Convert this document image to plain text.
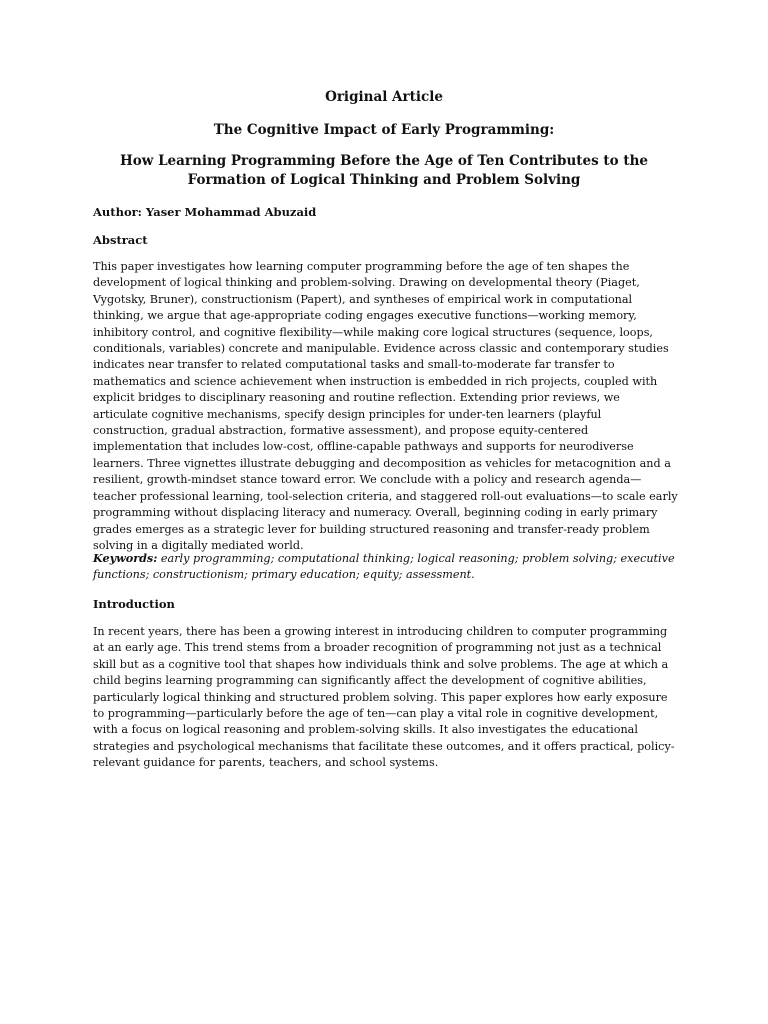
Original Article
The Cognitive Impact of Early Programming:
How Learning Programming Before the Age of Ten Contributes to the Formation of Logical Thinking and Problem Solving
Author: Yaser Mohammad Abuzaid
Abstract

This paper investigates how learning computer programming before the age of ten shapes the development of logical thinking and problem-solving. Drawing on developmental theory (Piaget, Vygotsky, Bruner), constructionism (Papert), and syntheses of empirical work in computational thinking, we argue that age-appropriate coding engages executive functions—working memory, inhibitory control, and cognitive flexibility—while making core logical structures (sequence, loops, conditionals, variables) concrete and manipulable. Evidence across classic and contemporary studies indicates near transfer to related computational tasks and small-to-moderate far transfer to mathematics and science achievement when instruction is embedded in rich projects, coupled with explicit bridges to disciplinary reasoning and routine reflection. Extending prior reviews, we articulate cognitive mechanisms, specify design principles for under-ten learners (playful construction, gradual abstraction, formative assessment), and propose equity-centered implementation that includes low-cost, offline-capable pathways and supports for neurodiverse learners. Three vignettes illustrate debugging and decomposition as vehicles for metacognition and a resilient, growth-mindset stance toward error. We conclude with a policy and research agenda—teacher professional learning, tool-selection criteria, and staggered roll-out evaluations—to scale early programming without displacing literacy and numeracy. Overall, beginning coding in early primary grades emerges as a strategic lever for building structured reasoning and transfer-ready problem solving in a digitally mediated world.

Keywords: early programming; computational thinking; logical reasoning; problem solving; executive functions; constructionism; primary education; equity; assessment.
Introduction

In recent years, there has been a growing interest in introducing children to computer programming at an early age. This trend stems from a broader recognition of programming not just as a technical skill but as a cognitive tool that shapes how individuals think and solve problems. The age at which a child begins learning programming can significantly affect the development of cognitive abilities, particularly logical thinking and structured problem solving. This paper explores how early exposure to programming—particularly before the age of ten—can play a vital role in cognitive development, with a focus on logical reasoning and problem-solving skills. It also investigates the educational strategies and psychological mechanisms that facilitate these outcomes, and it offers practical, policy-relevant guidance for parents, teachers, and school systems.
